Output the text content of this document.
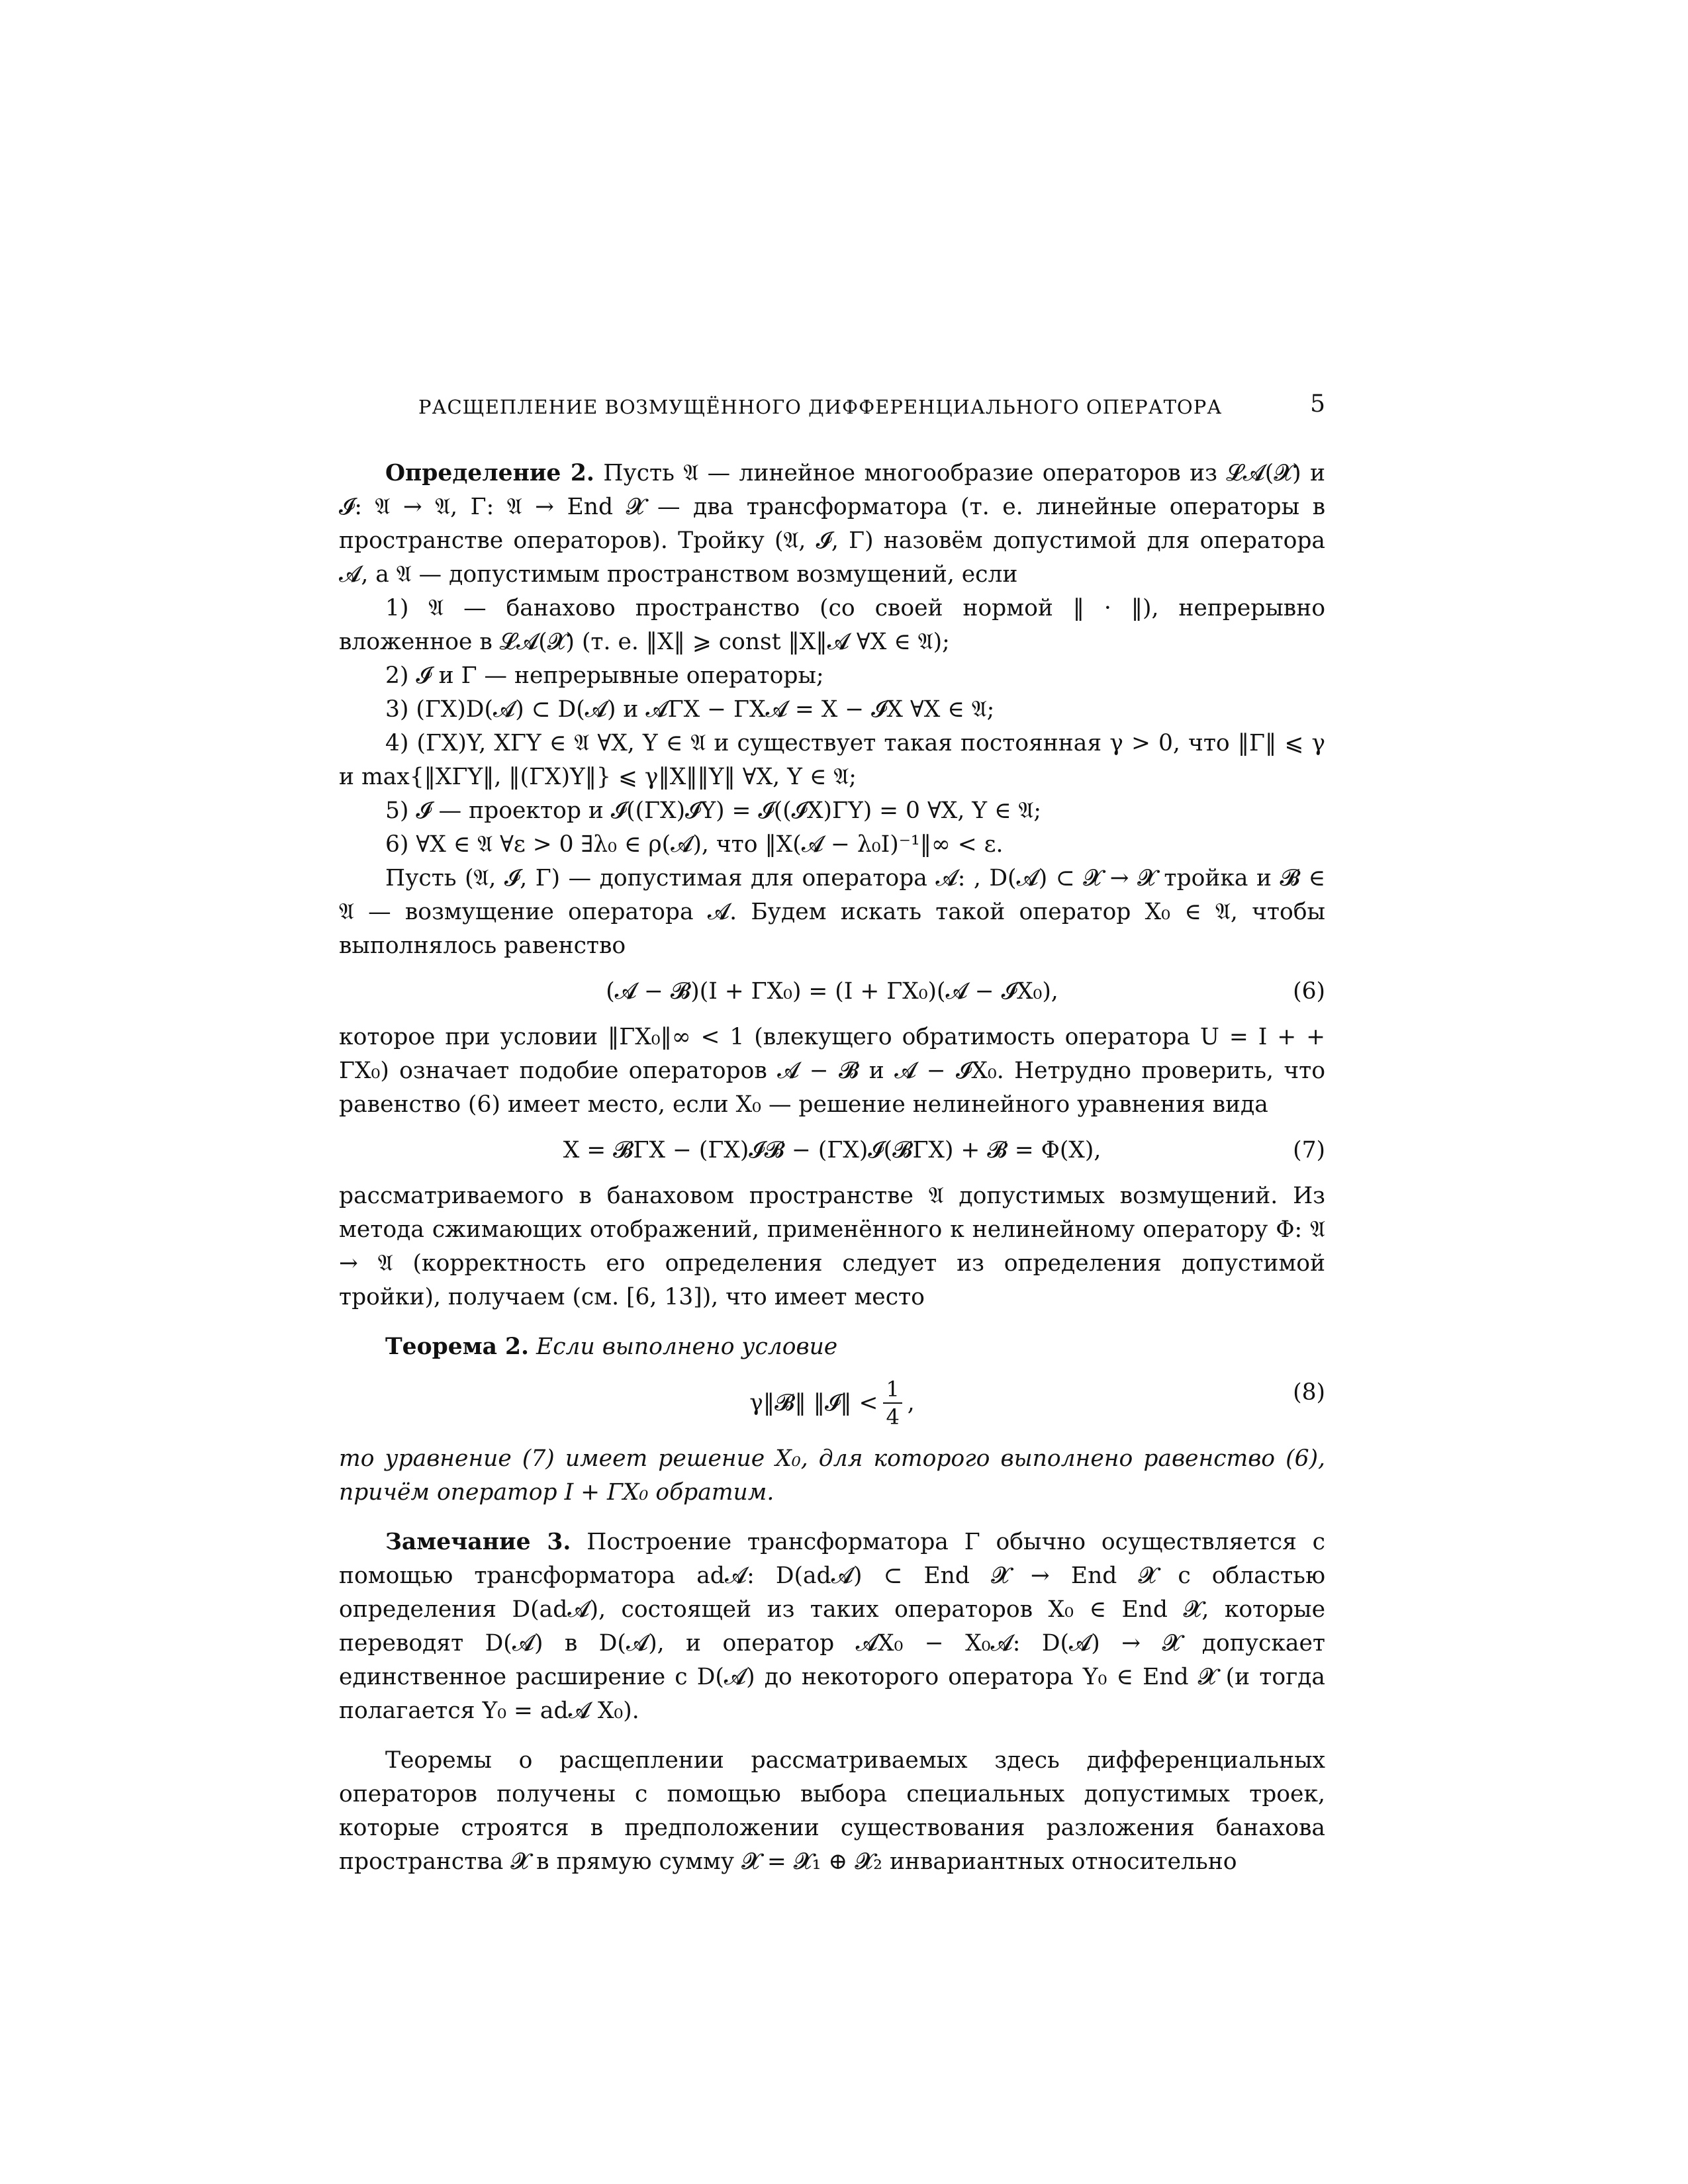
РАСЩЕПЛЕНИЕ ВОЗМУЩЁННОГО ДИФФЕРЕНЦИАЛЬНОГО ОПЕРАТОРА	5

Определение 2. Пусть 𝔄 — линейное многообразие операторов из 𝓛𝓐(𝓧) и 𝓘: 𝔄 → 𝔄, Γ: 𝔄 → End 𝓧 — два трансформатора (т. е. линейные операторы в пространстве операторов). Тройку (𝔄, 𝓘, Γ) назовём допустимой для оператора 𝓐, а 𝔄 — допустимым пространством возмущений, если

1) 𝔄 — банахово пространство (со своей нормой ‖ · ‖), непрерывно вложенное в 𝓛𝓐(𝓧) (т. е. ‖X‖ ⩾ const ‖X‖𝓐 ∀X ∈ 𝔄);

2) 𝓘 и Γ — непрерывные операторы;

3) (ΓX)D(𝓐) ⊂ D(𝓐) и 𝓐ΓX − ΓX𝓐 = X − 𝓘X ∀X ∈ 𝔄;

4) (ΓX)Y, XΓY ∈ 𝔄 ∀X, Y ∈ 𝔄 и существует такая постоянная γ > 0, что ‖Γ‖ ⩽ γ и max{‖XΓY‖, ‖(ΓX)Y‖} ⩽ γ‖X‖‖Y‖ ∀X, Y ∈ 𝔄;

5) 𝓘 — проектор и 𝓘((ΓX)𝓘Y) = 𝓘((𝓘X)ΓY) = 0 ∀X, Y ∈ 𝔄;

6) ∀X ∈ 𝔄 ∀ε > 0 ∃λ₀ ∈ ρ(𝓐), что ‖X(𝓐 − λ₀I)⁻¹‖∞ < ε.

Пусть (𝔄, 𝓘, Γ) — допустимая для оператора 𝓐: , D(𝓐) ⊂ 𝓧 → 𝓧 тройка и 𝓑 ∈ 𝔄 — возмущение оператора 𝓐. Будем искать такой оператор X₀ ∈ 𝔄, чтобы выполнялось равенство

(𝓐 − 𝓑)(I + ΓX₀) = (I + ΓX₀)(𝓐 − 𝓘X₀),	(6)

которое при условии ‖ΓX₀‖∞ < 1 (влекущего обратимость оператора U = I + + ΓX₀) означает подобие операторов 𝓐 − 𝓑 и 𝓐 − 𝓘X₀. Нетрудно проверить, что равенство (6) имеет место, если X₀ — решение нелинейного уравнения вида

X = 𝓑ΓX − (ΓX)𝓘𝓑 − (ΓX)𝓘(𝓑ΓX) + 𝓑 = Φ(X),	(7)

рассматриваемого в банаховом пространстве 𝔄 допустимых возмущений. Из метода сжимающих отображений, применённого к нелинейному оператору Φ: 𝔄 → 𝔄 (корректность его определения следует из определения допустимой тройки), получаем (см. [6, 13]), что имеет место

Теорема 2. Если выполнено условие

γ‖𝓑‖ ‖𝓘‖ < $\frac{1}{4}$ ,	(8)

то уравнение (7) имеет решение X₀, для которого выполнено равенство (6), причём оператор I + ΓX₀ обратим.

Замечание 3. Построение трансформатора Γ обычно осуществляется с помощью трансформатора ad𝓐: D(ad𝓐) ⊂ End 𝓧 → End 𝓧 с областью определения D(ad𝓐), состоящей из таких операторов X₀ ∈ End 𝓧, которые переводят D(𝓐) в D(𝓐), и оператор 𝓐X₀ − X₀𝓐: D(𝓐) → 𝓧 допускает единственное расширение с D(𝓐) до некоторого оператора Y₀ ∈ End 𝓧 (и тогда полагается Y₀ = ad𝓐 X₀).

Теоремы о расщеплении рассматриваемых здесь дифференциальных операторов получены с помощью выбора специальных допустимых троек, которые строятся в предположении существования разложения банахова пространства 𝓧 в прямую сумму 𝓧 = 𝓧₁ ⊕ 𝓧₂ инвариантных относительно
